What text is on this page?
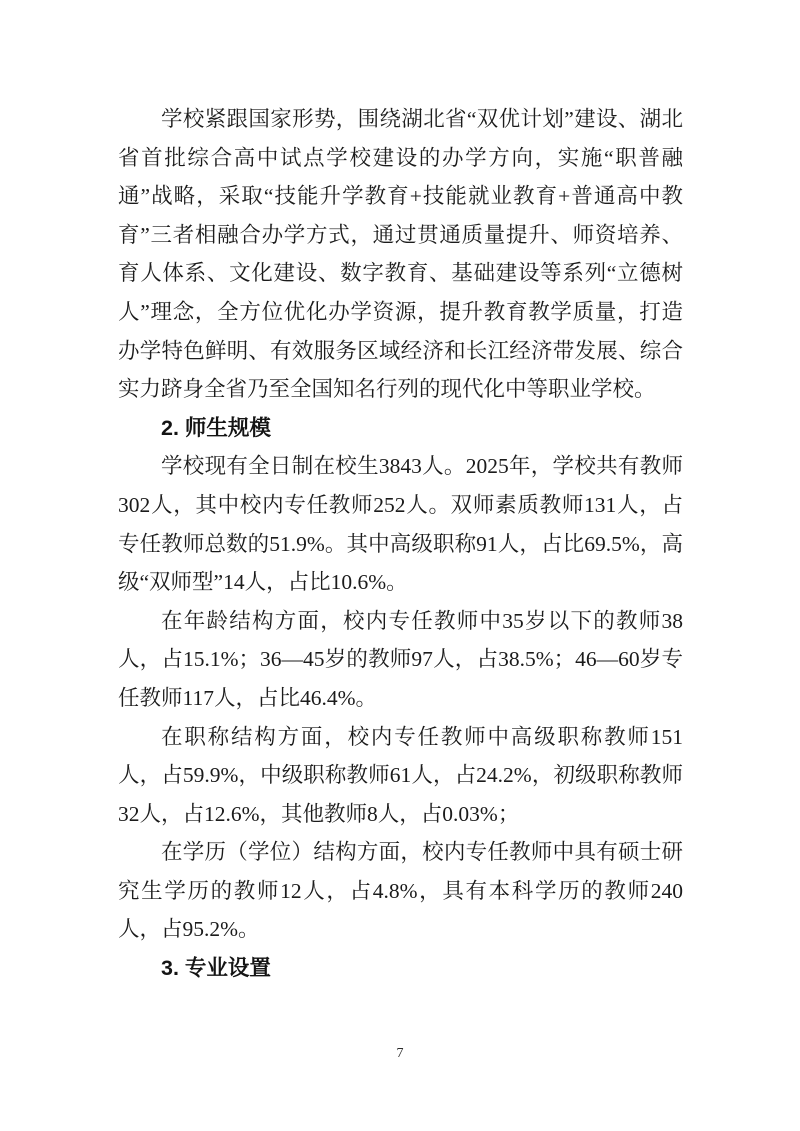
学校紧跟国家形势，围绕湖北省“双优计划”建设、湖北省首批综合高中试点学校建设的办学方向，实施“职普融通”战略，采取“技能升学教育+技能就业教育+普通高中教育”三者相融合办学方式，通过贯通质量提升、师资培养、育人体系、文化建设、数字教育、基础建设等系列“立德树人”理念，全方位优化办学资源，提升教育教学质量，打造办学特色鲜明、有效服务区域经济和长江经济带发展、综合实力跻身全省乃至全国知名行列的现代化中等职业学校。

2. 师生规模

学校现有全日制在校生3843人。2025年，学校共有教师302人，其中校内专任教师252人。双师素质教师131人，占专任教师总数的51.9%。其中高级职称91人，占比69.5%，高级“双师型”14人，占比10.6%。

在年龄结构方面，校内专任教师中35岁以下的教师38人，占15.1%；36—45岁的教师97人，占38.5%；46—60岁专任教师117人，占比46.4%。

在职称结构方面，校内专任教师中高级职称教师151人，占59.9%，中级职称教师61人，占24.2%，初级职称教师32人，占12.6%，其他教师8人，占0.03%；

在学历（学位）结构方面，校内专任教师中具有硕士研究生学历的教师12人，占4.8%，具有本科学历的教师240人，占95.2%。

3. 专业设置
7
